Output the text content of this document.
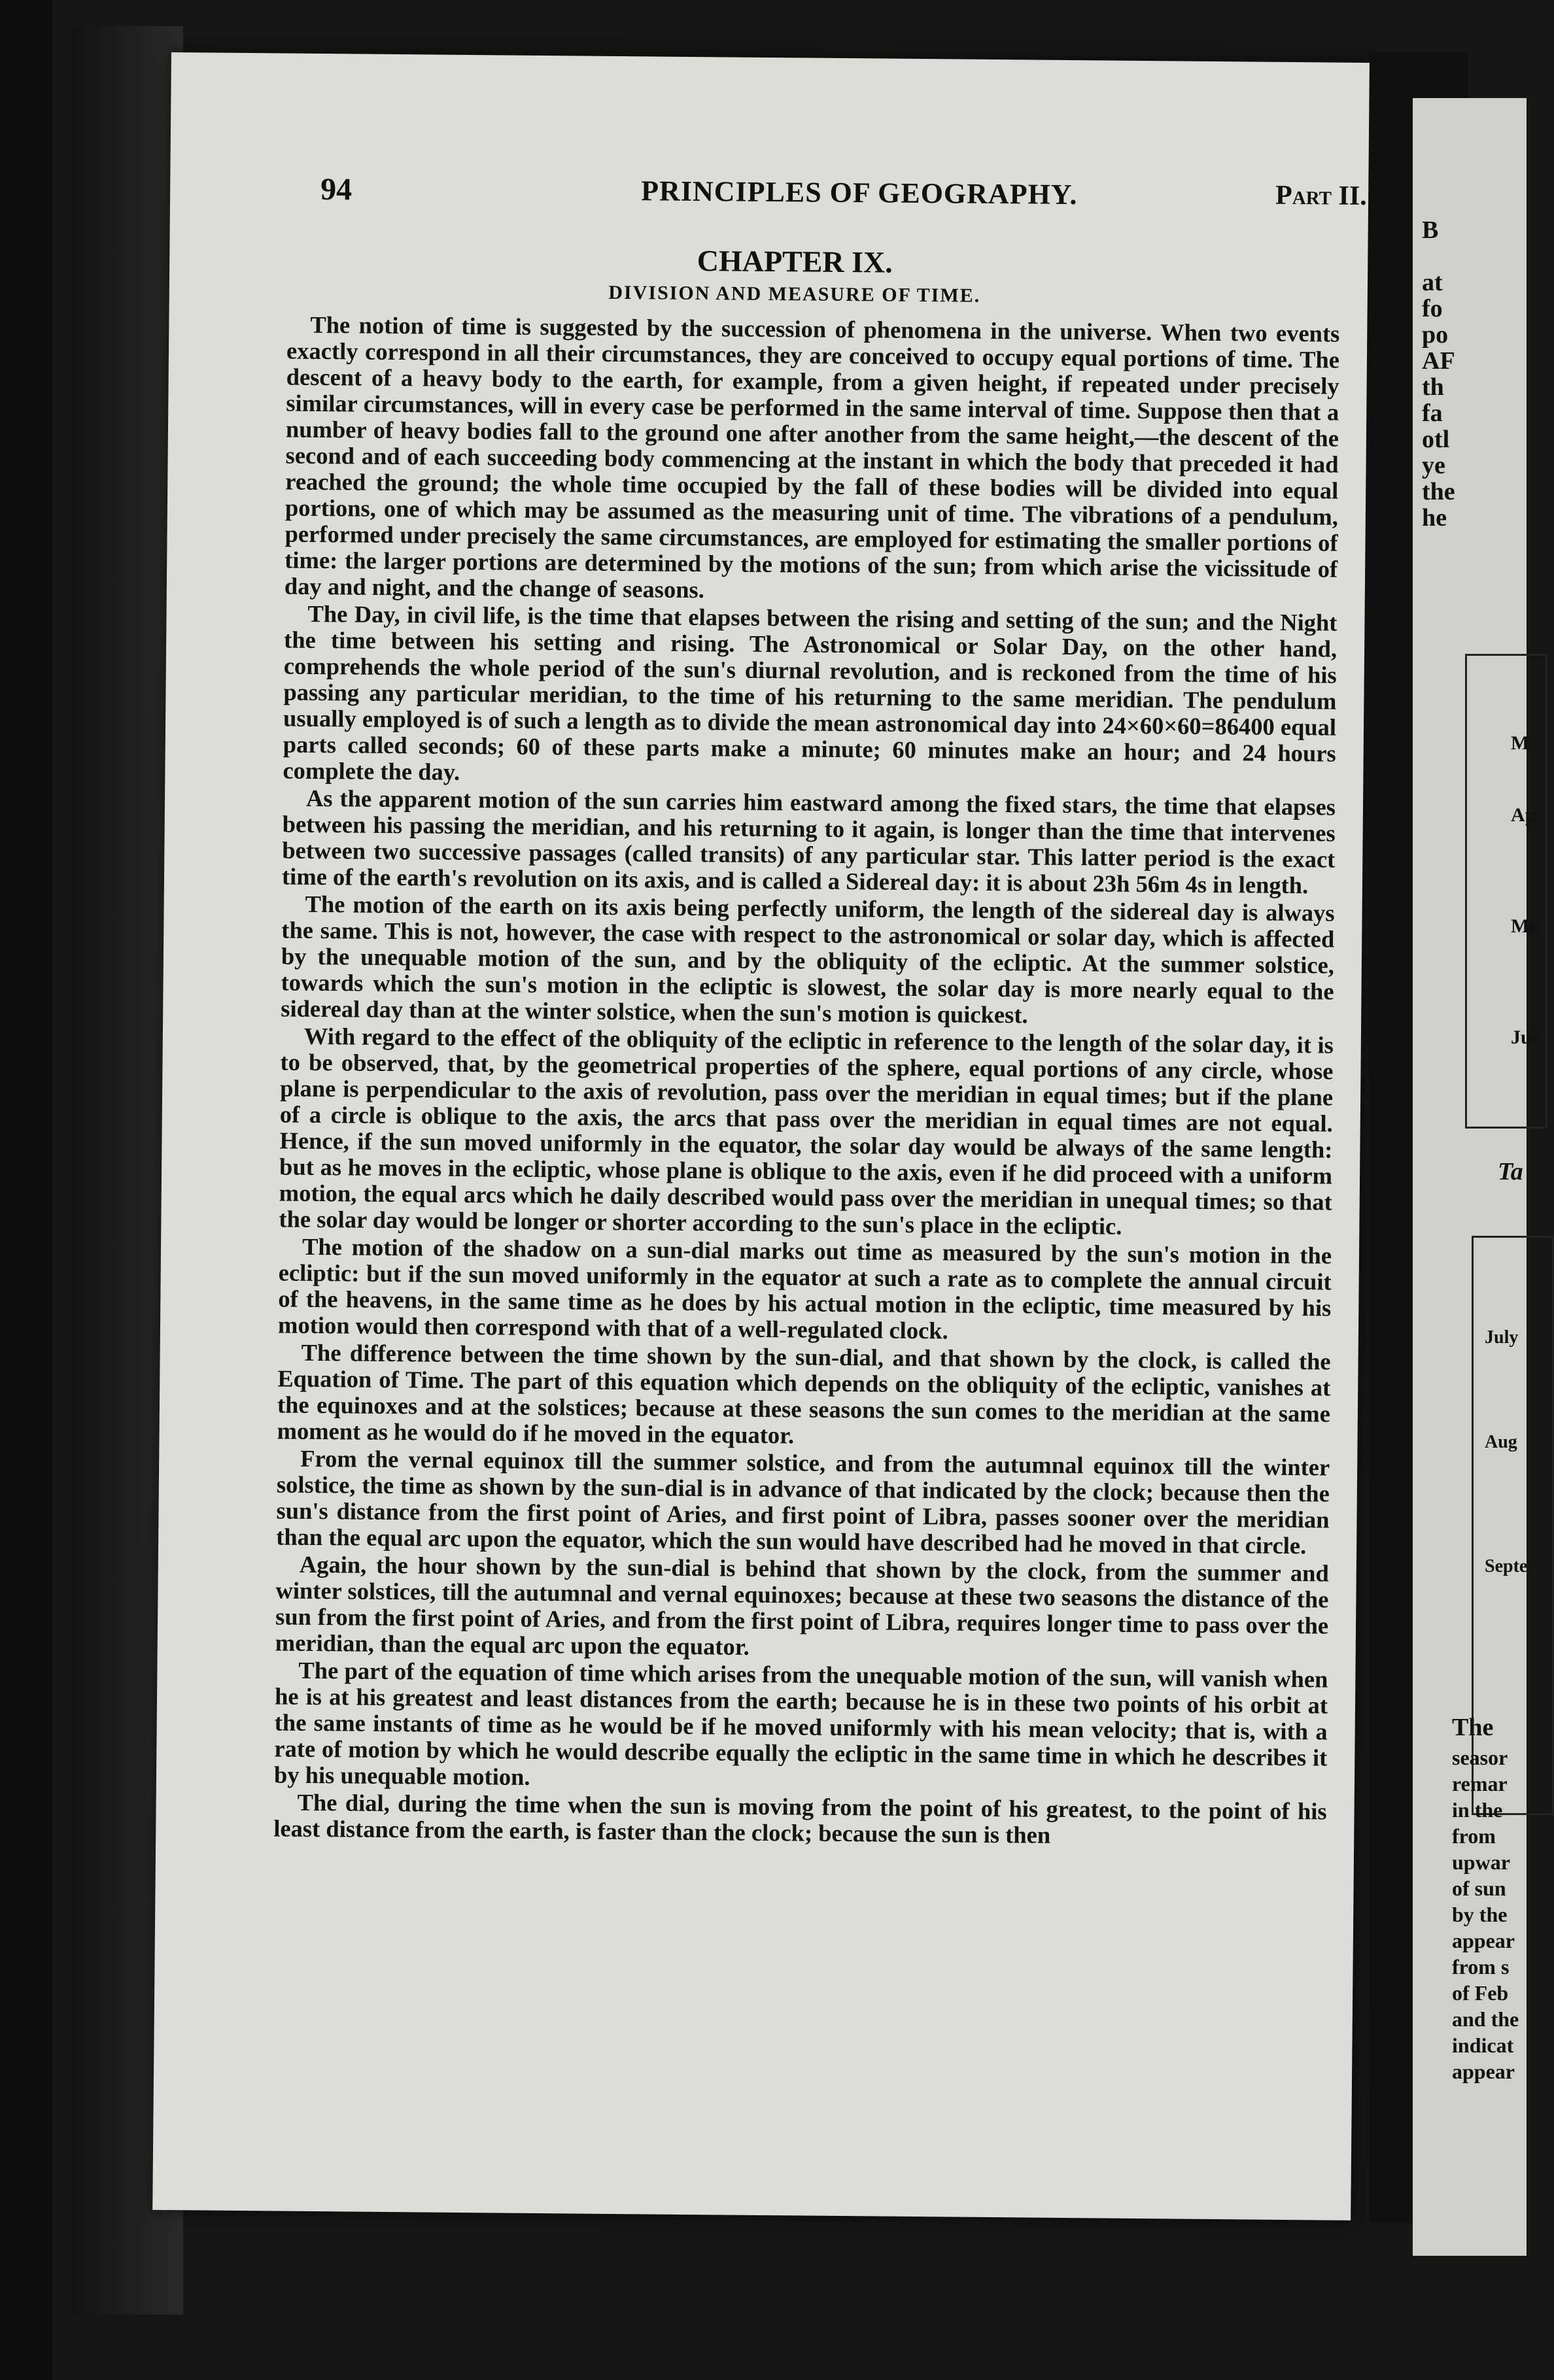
94	PRINCIPLES OF GEOGRAPHY.	Part II.
CHAPTER IX.
DIVISION AND MEASURE OF TIME.

The notion of time is suggested by the succession of phenomena in the universe. When two events exactly correspond in all their circumstances, they are conceived to occupy equal portions of time. The descent of a heavy body to the earth, for example, from a given height, if repeated under precisely similar circumstances, will in every case be performed in the same interval of time. Suppose then that a number of heavy bodies fall to the ground one after another from the same height,—the descent of the second and of each succeeding body commencing at the instant in which the body that preceded it had reached the ground; the whole time occupied by the fall of these bodies will be divided into equal portions, one of which may be assumed as the measuring unit of time. The vibrations of a pendulum, performed under precisely the same circumstances, are employed for estimating the smaller portions of time: the larger portions are determined by the motions of the sun; from which arise the vicissitude of day and night, and the change of seasons.

The Day, in civil life, is the time that elapses between the rising and setting of the sun; and the Night the time between his setting and rising. The Astronomical or Solar Day, on the other hand, comprehends the whole period of the sun's diurnal revolution, and is reckoned from the time of his passing any particular meridian, to the time of his returning to the same meridian. The pendulum usually employed is of such a length as to divide the mean astronomical day into 24×60×60=86400 equal parts called seconds; 60 of these parts make a minute; 60 minutes make an hour; and 24 hours complete the day.

As the apparent motion of the sun carries him eastward among the fixed stars, the time that elapses between his passing the meridian, and his returning to it again, is longer than the time that intervenes between two successive passages (called transits) of any particular star. This latter period is the exact time of the earth's revolution on its axis, and is called a Sidereal day: it is about 23h 56m 4s in length.

The motion of the earth on its axis being perfectly uniform, the length of the sidereal day is always the same. This is not, however, the case with respect to the astronomical or solar day, which is affected by the unequable motion of the sun, and by the obliquity of the ecliptic. At the summer solstice, towards which the sun's motion in the ecliptic is slowest, the solar day is more nearly equal to the sidereal day than at the winter solstice, when the sun's motion is quickest.

With regard to the effect of the obliquity of the ecliptic in reference to the length of the solar day, it is to be observed, that, by the geometrical properties of the sphere, equal portions of any circle, whose plane is perpendicular to the axis of revolution, pass over the meridian in equal times; but if the plane of a circle is oblique to the axis, the arcs that pass over the meridian in equal times are not equal. Hence, if the sun moved uniformly in the equator, the solar day would be always of the same length: but as he moves in the ecliptic, whose plane is oblique to the axis, even if he did proceed with a uniform motion, the equal arcs which he daily described would pass over the meridian in unequal times; so that the solar day would be longer or shorter according to the sun's place in the ecliptic.

The motion of the shadow on a sun-dial marks out time as measured by the sun's motion in the ecliptic: but if the sun moved uniformly in the equator at such a rate as to complete the annual circuit of the heavens, in the same time as he does by his actual motion in the ecliptic, time measured by his motion would then correspond with that of a well-regulated clock.

The difference between the time shown by the sun-dial, and that shown by the clock, is called the Equation of Time. The part of this equation which depends on the obliquity of the ecliptic, vanishes at the equinoxes and at the solstices; because at these seasons the sun comes to the meridian at the same moment as he would do if he moved in the equator.

From the vernal equinox till the summer solstice, and from the autumnal equinox till the winter solstice, the time as shown by the sun-dial is in advance of that indicated by the clock; because then the sun's distance from the first point of Aries, and first point of Libra, passes sooner over the meridian than the equal arc upon the equator, which the sun would have described had he moved in that circle.

Again, the hour shown by the sun-dial is behind that shown by the clock, from the summer and winter solstices, till the autumnal and vernal equinoxes; because at these two seasons the distance of the sun from the first point of Aries, and from the first point of Libra, requires longer time to pass over the meridian, than the equal arc upon the equator.

The part of the equation of time which arises from the unequable motion of the sun, will vanish when he is at his greatest and least distances from the earth; because he is in these two points of his orbit at the same instants of time as he would be if he moved uniformly with his mean velocity; that is, with a rate of motion by which he would describe equally the ecliptic in the same time in which he describes it by his unequable motion.

The dial, during the time when the sun is moving from the point of his greatest, to the point of his least distance from the earth, is faster than the clock; because the sun is then

B
at
fo
po
AF
th
fa
otl
ye
the
he
M
Ap
Me
Jur
Ta
July
Aug
Septe
The
seasor
remar
in the
from
upwar
of sun
by the
appear
from s
of Feb
and the
indicat
appear
